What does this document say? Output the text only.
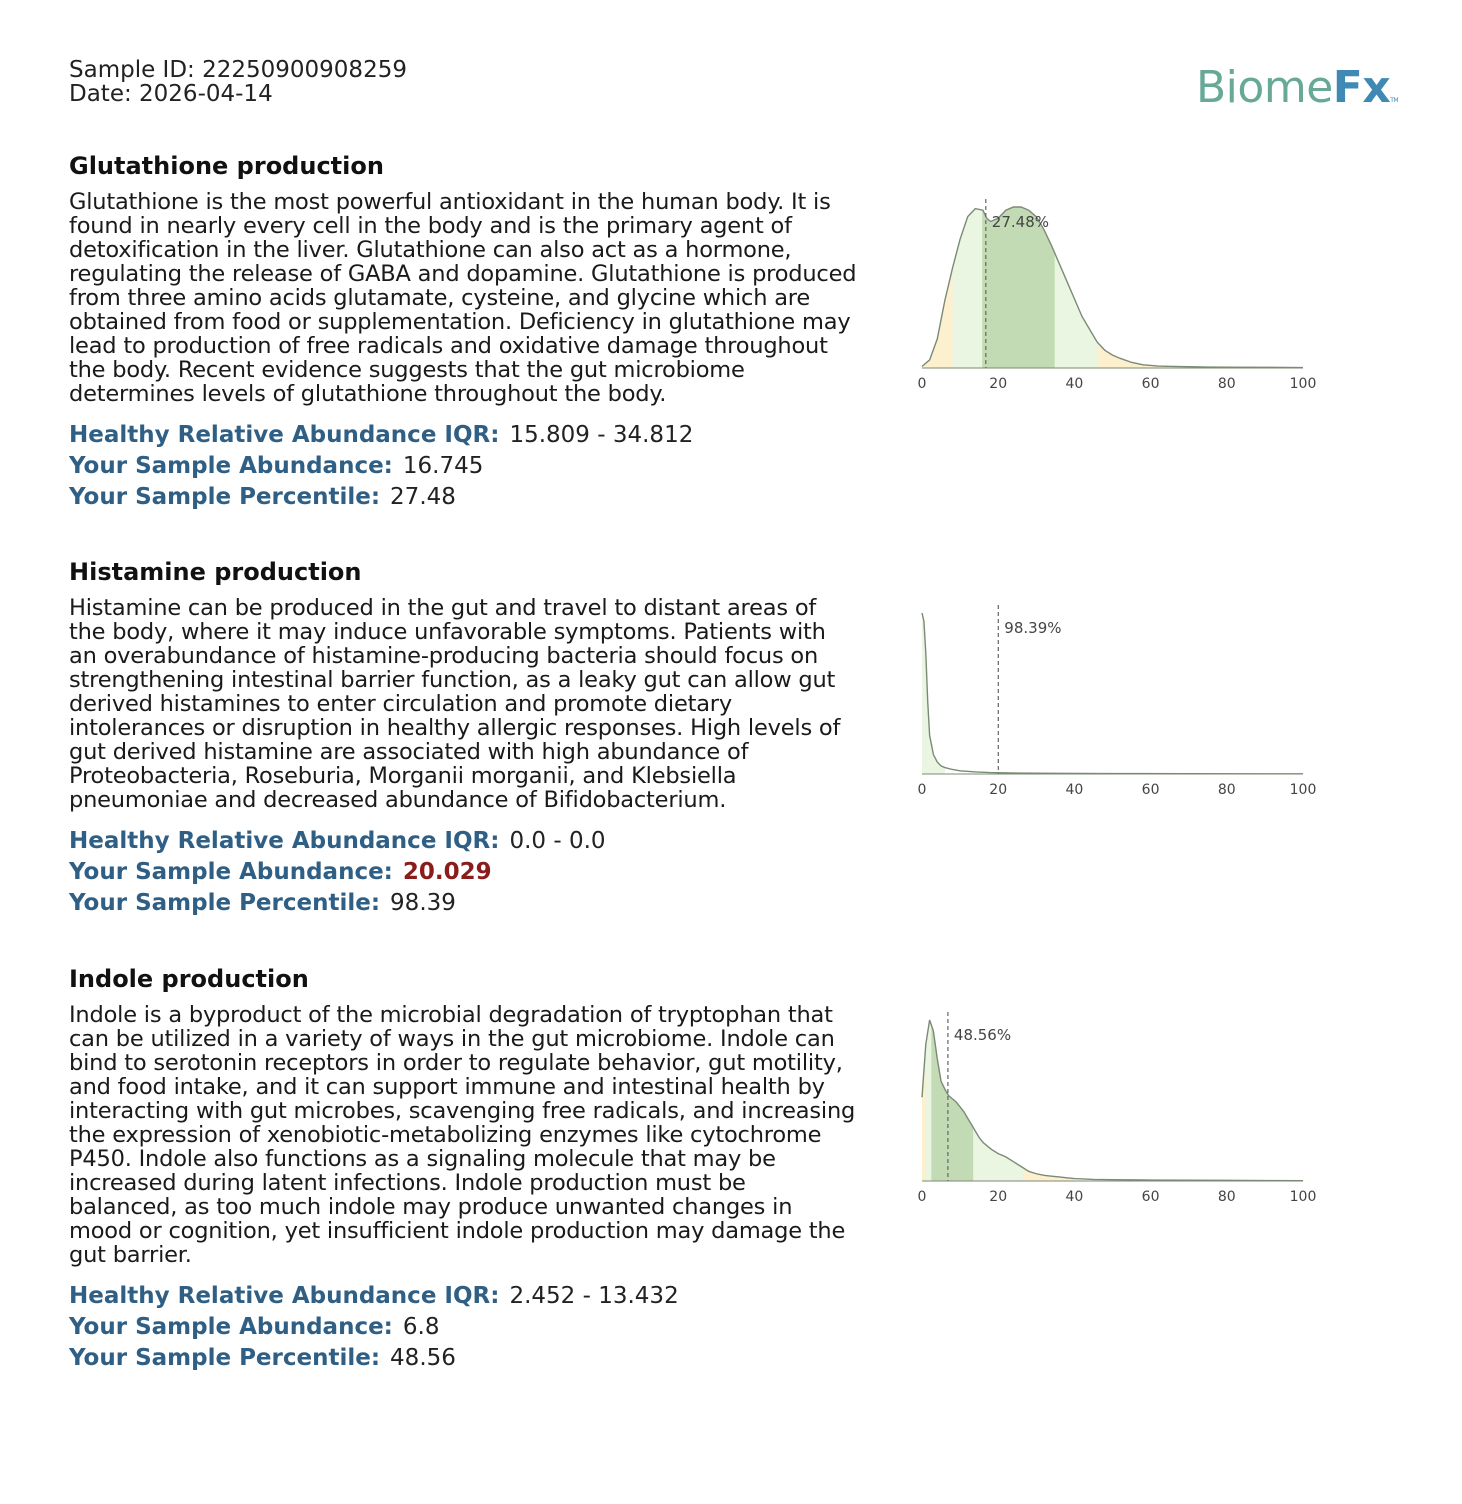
Sample ID: 22250900908259
Date: 2026-04-14	BiomeFxTM
Glutathione production

Glutathione is the most powerful antioxidant in the human body. It is found in nearly every cell in the body and is the primary agent of detoxification in the liver. Glutathione can also act as a hormone, regulating the release of GABA and dopamine. Glutathione is produced from three amino acids glutamate, cysteine, and glycine which are obtained from food or supplementation. Deficiency in glutathione may lead to production of free radicals and oxidative damage throughout the body. Recent evidence suggests that the gut microbiome determines levels of glutathione throughout the body.

Healthy Relative Abundance IQR: 15.809 - 34.812
Your Sample Abundance: 16.745
Your Sample Percentile: 27.48
27.48%
0	20	40	60	80	100
Histamine production

Histamine can be produced in the gut and travel to distant areas of the body, where it may induce unfavorable symptoms. Patients with an overabundance of histamine-producing bacteria should focus on strengthening intestinal barrier function, as a leaky gut can allow gut derived histamines to enter circulation and promote dietary intolerances or disruption in healthy allergic responses. High levels of gut derived histamine are associated with high abundance of Proteobacteria, Roseburia, Morganii morganii, and Klebsiella pneumoniae and decreased abundance of Bifidobacterium.

Healthy Relative Abundance IQR: 0.0 - 0.0
Your Sample Abundance: 20.029
Your Sample Percentile: 98.39
98.39%
0	20	40	60	80	100
Indole production

Indole is a byproduct of the microbial degradation of tryptophan that can be utilized in a variety of ways in the gut microbiome. Indole can bind to serotonin receptors in order to regulate behavior, gut motility, and food intake, and it can support immune and intestinal health by interacting with gut microbes, scavenging free radicals, and increasing the expression of xenobiotic-metabolizing enzymes like cytochrome P450. Indole also functions as a signaling molecule that may be increased during latent infections. Indole production must be balanced, as too much indole may produce unwanted changes in mood or cognition, yet insufficient indole production may damage the gut barrier.

Healthy Relative Abundance IQR: 2.452 - 13.432
Your Sample Abundance: 6.8
Your Sample Percentile: 48.56
48.56%
0	20	40	60	80	100
